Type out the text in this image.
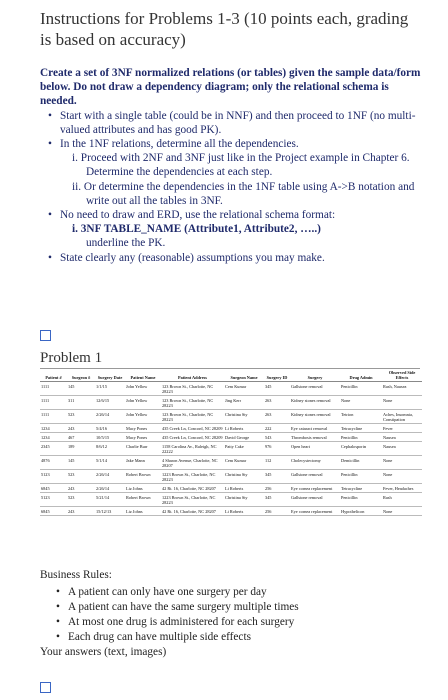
Instructions for Problems 1-3 (10 points each, grading is based on accuracy)
Create a set of 3NF normalized relations (or tables) given the sample data/form below. Do not draw a dependency diagram; only the relational schema is needed.
• Start with a single table (could be in NNF) and then proceed to 1NF (no multi-valued attributes and has good PK).
• In the 1NF relations, determine all the dependencies.
i. Proceed with 2NF and 3NF just like in the Project example in Chapter 6. Determine the dependencies at each step.
ii. Or determine the dependencies in the 1NF table using A->B notation and write out all the tables in 3NF.
• No need to draw and ERD, use the relational schema format:
i. 3NF TABLE_NAME (Attribute1, Attribute2, …..)
underline the PK.
• State clearly any (reasonable) assumptions you may make.
Problem 1
Patient #	Surgeon #	Surgery Date	Patient Name	Patient Address	Surgeon Name	Surgery ID	Surgery	Drug Admin	Observed Side Effects
1111	145	1/1/15	John Yellow	123 Brown St., Charlotte, NC 28223	Cem Kumar	345	Gallstone removal	Penicillin	Rash, Nausea
1111	311	12/6/15	John Yellow	123 Brown St., Charlotte, NC 28223	Jing Kerr	263	Kidney stones removal	None	None
1111	523	2/26/14	John Yellow	123 Brown St., Charlotte, NC 28223	Christina Sty	263	Kidney stones removal	Tetrion	Aches, Insomnia, Constipation
1234	243	5/4/16	Macy Pones	435 Creek Ln, Concord, NC 28209	Li Roberts	222	Eye cataract removal	Tetracycline	Fever
1234	467	10/5/15	Macy Pones	435 Creek Ln, Concord, NC 28209	David George	543	Thrombosis removal	Penicillin	Nausea
2345	189	8/6/12	Charlie Burr	1158 Carolina Av., Raleigh, NC 22222	Patty Cake	976	Open heart	Cephalosporin	Nausea
4876	145	5/1/14	Jake Mann	4 Sharon Avenue, Charlotte, NC 28207	Cem Kumar	112	Cholecystectomy	Demicillin	None
5123	523	2/26/14	Robert Brown	1223 Brown St., Charlotte, NC 28223	Christina Sty	345	Gallstone removal	Penicillin	None
6845	243	2/26/14	Liz Johns	42 Rt. 16, Charlotte, NC 28207	Li Roberts	256	Eye cornea replacement	Tetracycline	Fever, Headaches
5123	523	5/21/14	Robert Brown	1223 Brown St., Charlotte, NC 28223	Christina Sty	345	Gallstone removal	Penicillin	Rash
6845	243	15/12/13	Liz Johns	42 Rt. 16, Charlotte, NC 28207	Li Roberts	256	Eye cornea replacement	Hypothelicon	None
Business Rules:
• A patient can only have one surgery per day
• A patient can have the same surgery multiple times
• At most one drug is administered for each surgery
• Each drug can have multiple side effects
Your answers (text, images)
